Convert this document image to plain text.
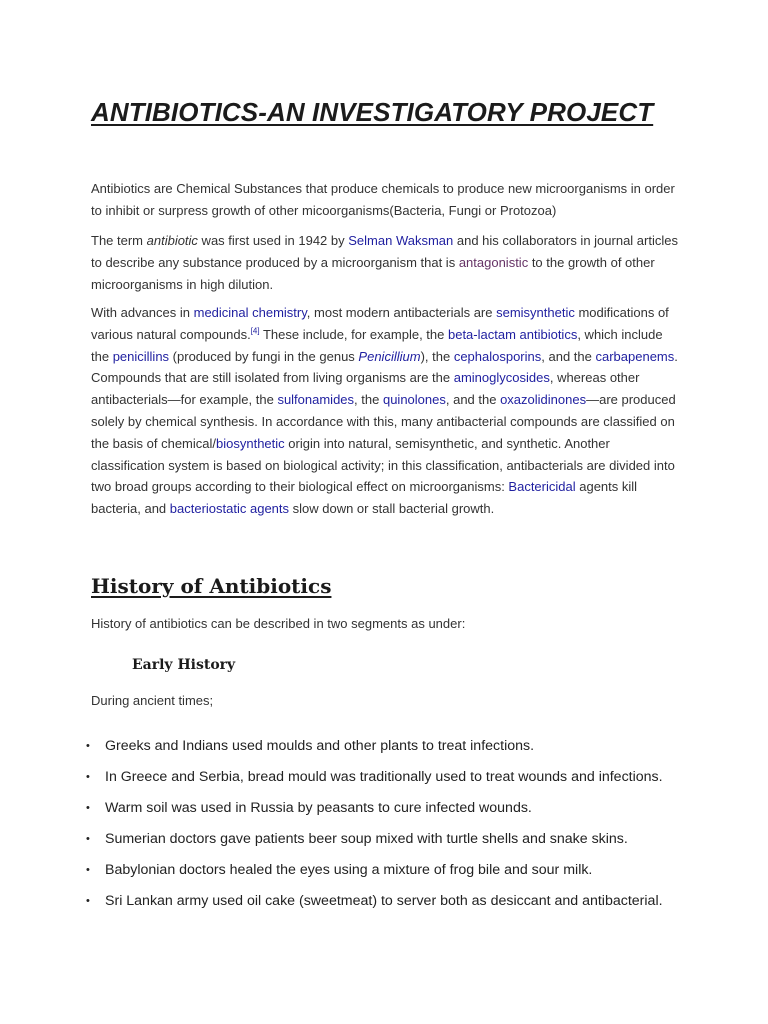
ANTIBIOTICS-AN INVESTIGATORY PROJECT

Antibiotics are Chemical Substances that produce chemicals to produce new microorganisms in order to inhibit or surpress growth of other micoorganisms(Bacteria, Fungi or Protozoa)

The term antibiotic was first used in 1942 by Selman Waksman and his collaborators in journal articles to describe any substance produced by a microorganism that is antagonistic to the growth of other microorganisms in high dilution.

With advances in medicinal chemistry, most modern antibacterials are semisynthetic modifications of various natural compounds.[4] These include, for example, the beta-lactam antibiotics, which include the penicillins (produced by fungi in the genus Penicillium), the cephalosporins, and the carbapenems. Compounds that are still isolated from living organisms are the aminoglycosides, whereas other antibacterials—for example, the sulfonamides, the quinolones, and the oxazolidinones—are produced solely by chemical synthesis. In accordance with this, many antibacterial compounds are classified on the basis of chemical/biosynthetic origin into natural, semisynthetic, and synthetic. Another classification system is based on biological activity; in this classification, antibacterials are divided into two broad groups according to their biological effect on microorganisms: Bactericidal agents kill bacteria, and bacteriostatic agents slow down or stall bacterial growth.

History of Antibiotics

History of antibiotics can be described in two segments as under:

Early History

During ancient times;

• Greeks and Indians used moulds and other plants to treat infections.
• In Greece and Serbia, bread mould was traditionally used to treat wounds and infections.
• Warm soil was used in Russia by peasants to cure infected wounds.
• Sumerian doctors gave patients beer soup mixed with turtle shells and snake skins.
• Babylonian doctors healed the eyes using a mixture of frog bile and sour milk.
• Sri Lankan army used oil cake (sweetmeat) to server both as desiccant and antibacterial.
